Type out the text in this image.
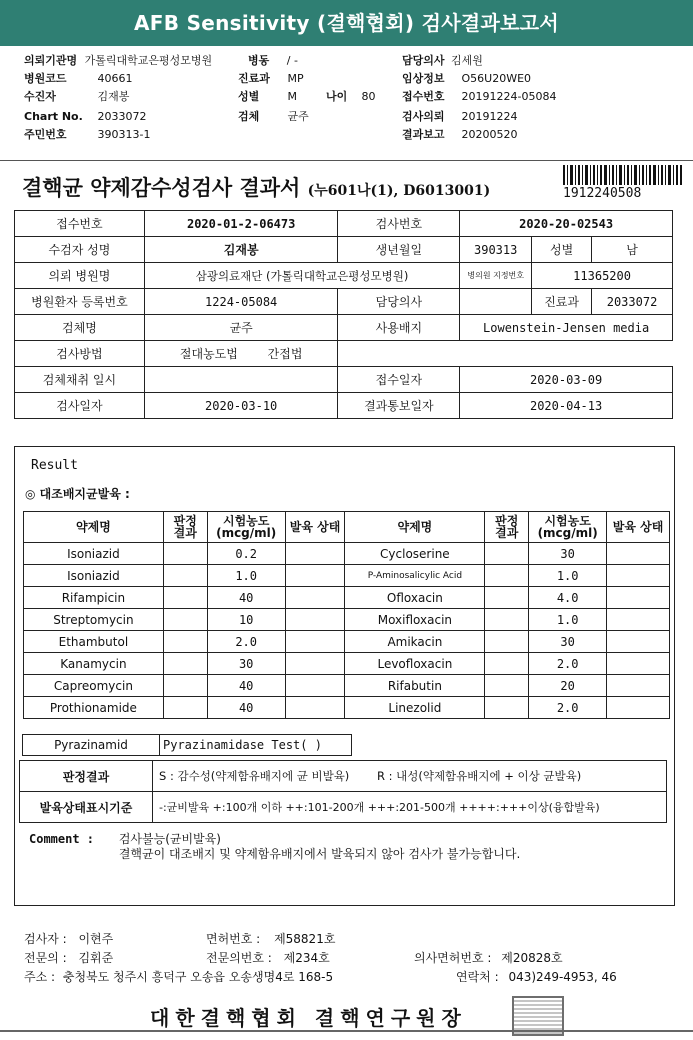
AFB Sensitivity (결핵협회) 검사결과보고서
의뢰기관명 가톨릭대학교은평성모병원	병동 / -	담당의사 김세원
병원코드	40661	진료과 MP	임상정보 O56U20WE0
수진자	김재봉	성별	M	나이 80 접수번호 20191224-05084
Chart No. 2033072	검체	균주	검사의뢰 20191224
주민번호	390313-1	결과보고 20200520
결핵균 약제감수성검사 결과서 (누601나(1), D6013001)	1912240508
접수번호	2020-01-2-06473	검사번호	2020-20-02543		
수검자 성명	김재봉	생년월일	390313	성별	남
의뢰 병원명	삼광의료재단 (가톨릭대학교은평성모병원)		병의원 지정번호	11365200	
병원환자 등록번호	1224-05084	담당의사		진료과	2033072
검체명	균주	사용배지	Lowenstein-Jensen media		
검사방법	절대농도법 간접법				
검체채취 일시		접수일자	2020-03-09		
검사일자	2020-03-10	결과통보일자	2020-04-13		
Result
◎ 대조배지균발육 :
약제명	판정 결과	시험농도 (mcg/ml)	발육 상태	약제명	판정 결과	시험농도 (mcg/ml)	발육 상태
Isoniazid		0.2		Cycloserine		30	
Isoniazid		1.0		P-Aminosalicylic Acid		1.0	
Rifampicin		40		Ofloxacin		4.0	
Streptomycin		10		Moxifloxacin		1.0	
Ethambutol		2.0		Amikacin		30	
Kanamycin		30		Levofloxacin		2.0	
Capreomycin		40		Rifabutin		20	
Prothionamide		40		Linezolid		2.0	
Pyrazinamid	Pyrazinamidase Test( )
판정결과	S : 감수성(약제함유배지에 균 비발육) R : 내성(약제함유배지에 + 이상 균발육)
발육상태표시기준	-:균비발육 +:100개 이하 ++:101-200개 +++:201-500개 ++++:+++이상(융합발육)
Comment : 검사불능(균비발육)
결핵균이 대조배지 및 약제함유배지에서 발육되지 않아 검사가 불가능합니다.
검사자 : 이현주	면허번호 : 제58821호
전문의 : 김휘준	전문의번호 : 제234호	의사면허번호 : 제20828호
주소 : 충청북도 청주시 흥덕구 오송읍 오송생명4로 168-5	연락처 : 043)249-4953, 46
대한결핵협회 결핵연구원장
